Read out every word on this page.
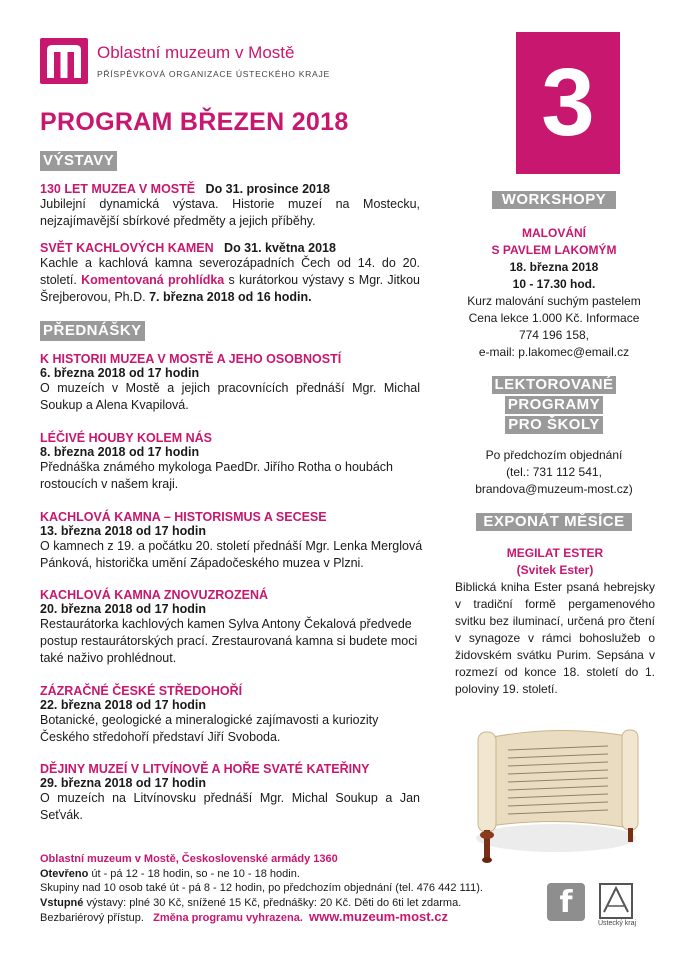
Oblastní muzeum v Mostě
PŘÍSPĚVKOVÁ ORGANIZACE ÚSTECKÉHO KRAJE
PROGRAM BŘEZEN 2018 3
VÝSTAVY
130 LET MUZEA V MOSTĚ Do 31. prosince 2018
Jubilejní dynamická výstava. Historie muzeí na Mostecku, nejzajímavější sbírkové předměty a jejich příběhy.
SVĚT KACHLOVÝCH KAMEN Do 31. května 2018
Kachle a kachlová kamna severozápadních Čech od 14. do 20. století. Komentovaná prohlídka s kurátorkou výstavy s Mgr. Jitkou Šrejberovou, Ph.D. 7. března 2018 od 16 hodin.
PŘEDNÁŠKY
K HISTORII MUZEA V MOSTĚ A JEHO OSOBNOSTÍ
6. března 2018 od 17 hodin
O muzeích v Mostě a jejich pracovnících přednáší Mgr. Michal Soukup a Alena Kvapilová.
LÉČIVÉ HOUBY KOLEM NÁS
8. března 2018 od 17 hodin
Přednáška známého mykologa PaedDr. Jiřího Rotha o houbách rostoucích v našem kraji.
KACHLOVÁ KAMNA – HISTORISMUS A SECESE
13. března 2018 od 17 hodin
O kamnech z 19. a počátku 20. století přednáší Mgr. Lenka Merglová Pánková, historička umění Západočeského muzea v Plzni.
KACHLOVÁ KAMNA ZNOVUZROZENÁ
20. března 2018 od 17 hodin
Restaurátorka kachlových kamen Sylva Antony Čekalová předvede postup restaurátorských prací. Zrestaurovaná kamna si budete moci také naživo prohlédnout.
ZÁZRAČNÉ ČESKÉ STŘEDOHOŘÍ
22. března 2018 od 17 hodin
Botanické, geologické a mineralogické zajímavosti a kuriozity Českého středohoří představí Jiří Svoboda.
DĚJINY MUZEÍ V LITVÍNOVĚ A HOŘE SVATÉ KATEŘINY
29. března 2018 od 17 hodin
O muzeích na Litvínovsku přednáší Mgr. Michal Soukup a Jan Seťvák.
WORKSHOPY
MALOVÁNÍ
S PAVLEM LAKOMÝM
18. března 2018
10 - 17.30 hod.
Kurz malování suchým pastelem
Cena lekce 1.000 Kč. Informace
774 196 158,
e-mail: p.lakomec@email.cz
LEKTOROVANÉ
PROGRAMY
PRO ŠKOLY
Po předchozím objednání
(tel.: 731 112 541,
brandova@muzeum-most.cz)
EXPONÁT MĚSÍCE
MEGILAT ESTER
(Svitek Ester)
Biblická kniha Ester psaná hebrejsky v tradiční formě pergamenového svitku bez iluminací, určená pro čtení v synagoze v rámci bohoslužeb o židovském svátku Purim. Sepsána v rozmezí od konce 18. století do 1. poloviny 19. století.
Oblastní muzeum v Mostě, Československé armády 1360
Otevřeno út - pá 12 - 18 hodin, so - ne 10 - 18 hodin.
Skupiny nad 10 osob také út - pá 8 - 12 hodin, po předchozím objednání (tel. 476 442 111).
Vstupné výstavy: plné 30 Kč, snížené 15 Kč, přednášky: 20 Kč. Děti do 6ti let zdarma.
Bezbariérový přístup. Změna programu vyhrazena. www.muzeum-most.cz	f
Ústecký kraj
